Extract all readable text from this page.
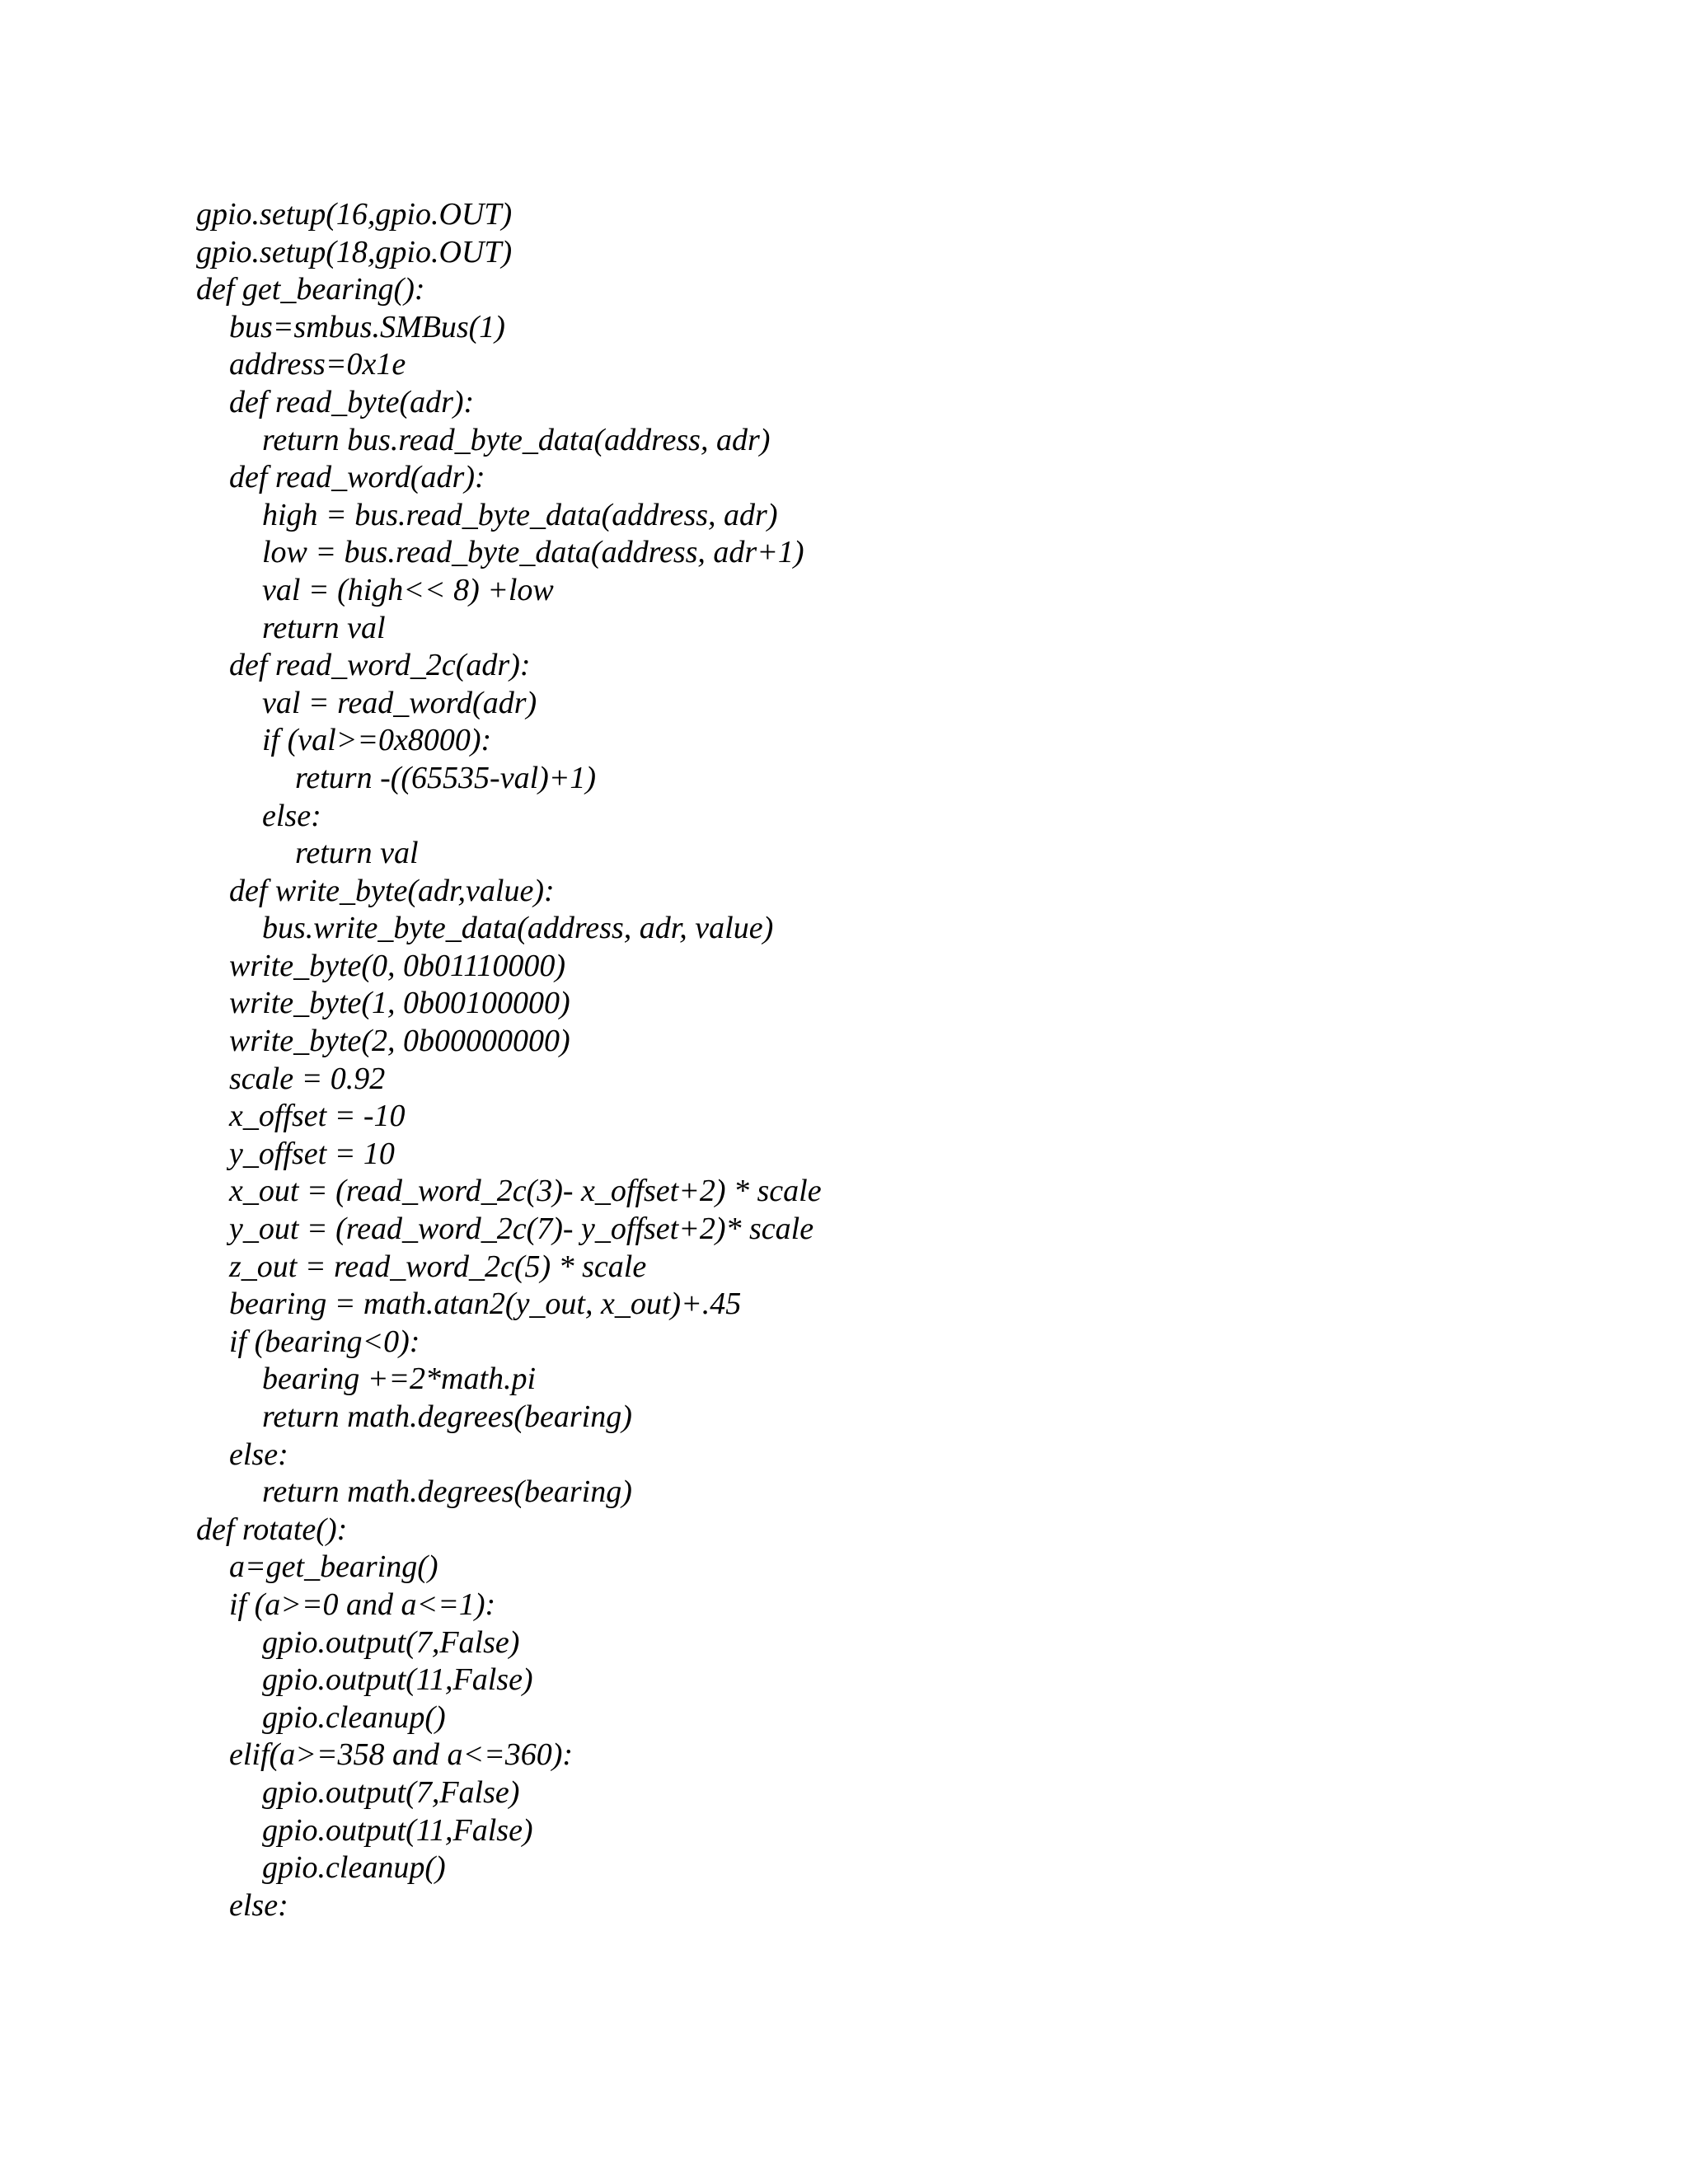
gpio.setup(16,gpio.OUT)
gpio.setup(18,gpio.OUT)
def get_bearing():
bus=smbus.SMBus(1)
address=0x1e
def read_byte(adr):
return bus.read_byte_data(address, adr)
def read_word(adr):
high = bus.read_byte_data(address, adr)
low = bus.read_byte_data(address, adr+1)
val = (high<< 8) +low
return val
def read_word_2c(adr):
val = read_word(adr)
if (val>=0x8000):
return -((65535-val)+1)
else:
return val
def write_byte(adr,value):
bus.write_byte_data(address, adr, value)
write_byte(0, 0b01110000)
write_byte(1, 0b00100000)
write_byte(2, 0b00000000)
scale = 0.92
x_offset = -10
y_offset = 10
x_out = (read_word_2c(3)- x_offset+2) * scale
y_out = (read_word_2c(7)- y_offset+2)* scale
z_out = read_word_2c(5) * scale
bearing = math.atan2(y_out, x_out)+.45
if (bearing<0):
bearing +=2*math.pi
return math.degrees(bearing)
else:
return math.degrees(bearing)
def rotate():
a=get_bearing()
if (a>=0 and a<=1):
gpio.output(7,False)
gpio.output(11,False)
gpio.cleanup()
elif(a>=358 and a<=360):
gpio.output(7,False)
gpio.output(11,False)
gpio.cleanup()
else:
